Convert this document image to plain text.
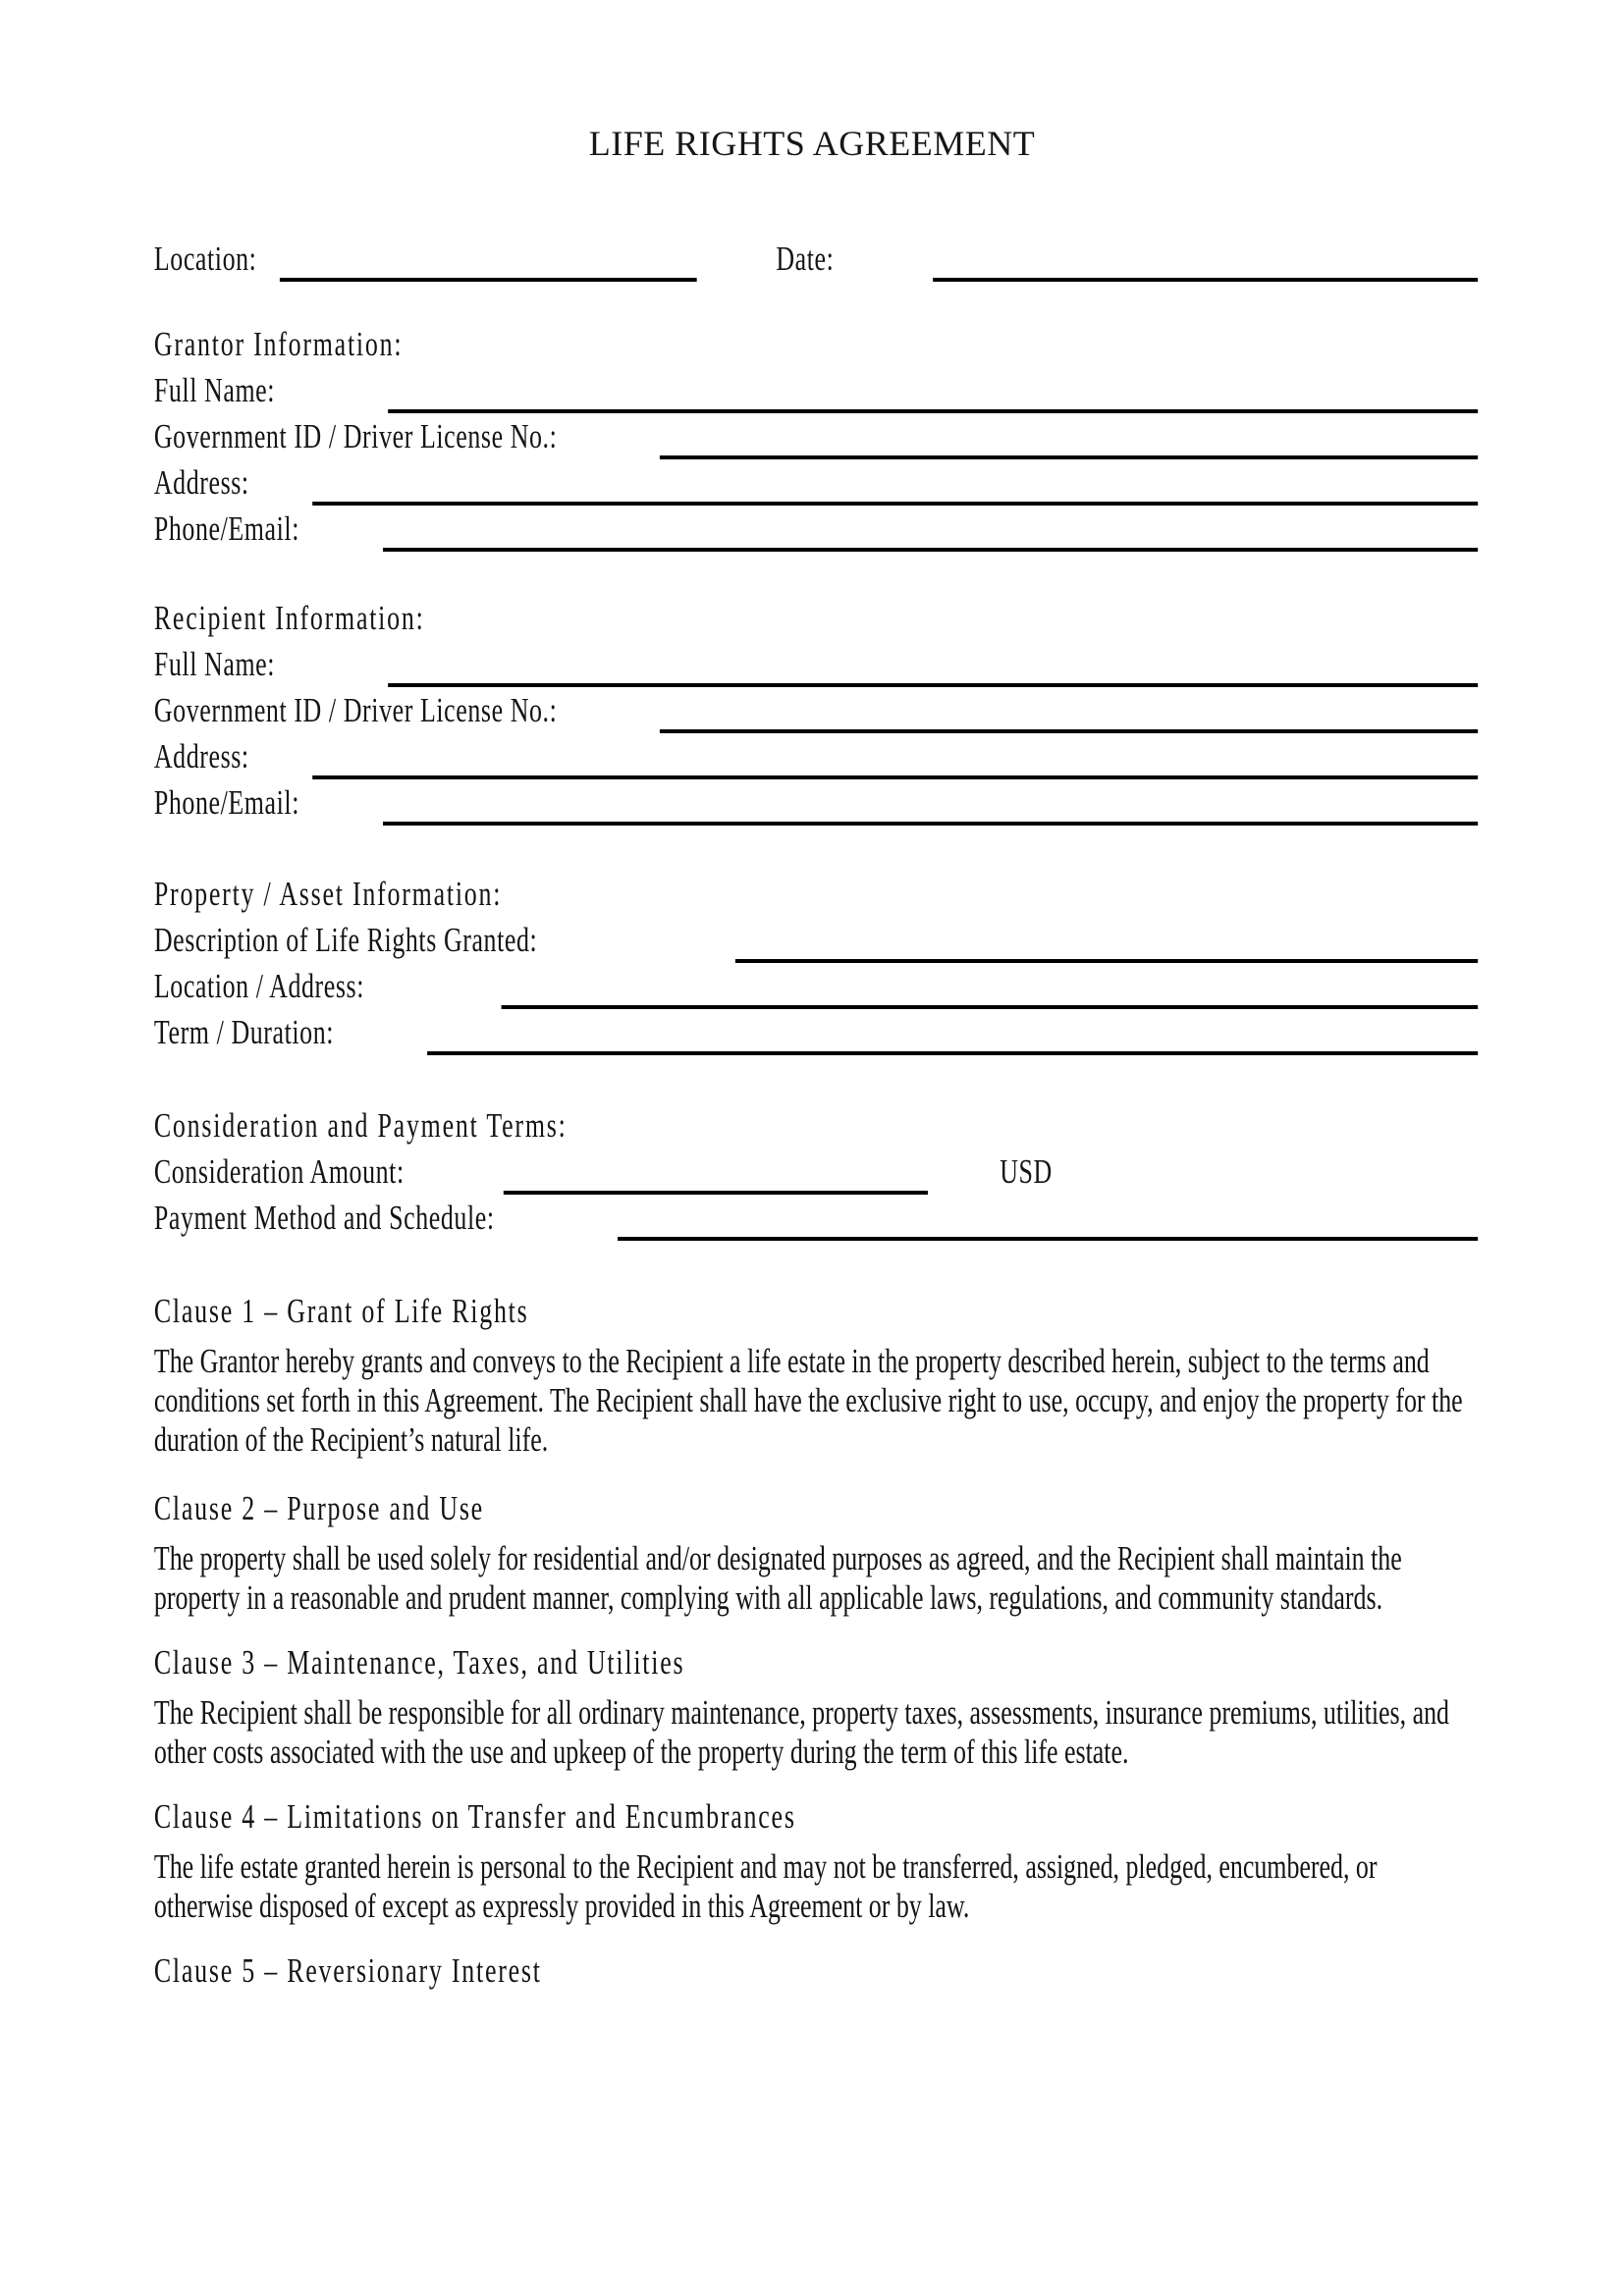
LIFE RIGHTS AGREEMENT
Location:	Date:
Grantor Information:
Full Name:
Government ID / Driver License No.:
Address:
Phone/Email:
Recipient Information:
Full Name:
Government ID / Driver License No.:
Address:
Phone/Email:
Property / Asset Information:
Description of Life Rights Granted:
Location / Address:
Term / Duration:
Consideration and Payment Terms:
Consideration Amount:	USD
Payment Method and Schedule:
Clause 1 – Grant of Life Rights

The Grantor hereby grants and conveys to the Recipient a life estate in the property described herein, subject to the terms and conditions set forth in this Agreement. The Recipient shall have the exclusive right to use, occupy, and enjoy the property for the duration of the Recipient’s natural life.

Clause 2 – Purpose and Use

The property shall be used solely for residential and/or designated purposes as agreed, and the Recipient shall maintain the property in a reasonable and prudent manner, complying with all applicable laws, regulations, and community standards.

Clause 3 – Maintenance, Taxes, and Utilities

The Recipient shall be responsible for all ordinary maintenance, property taxes, assessments, insurance premiums, utilities, and other costs associated with the use and upkeep of the property during the term of this life estate.

Clause 4 – Limitations on Transfer and Encumbrances

The life estate granted herein is personal to the Recipient and may not be transferred, assigned, pledged, encumbered, or otherwise disposed of except as expressly provided in this Agreement or by law.

Clause 5 – Reversionary Interest
